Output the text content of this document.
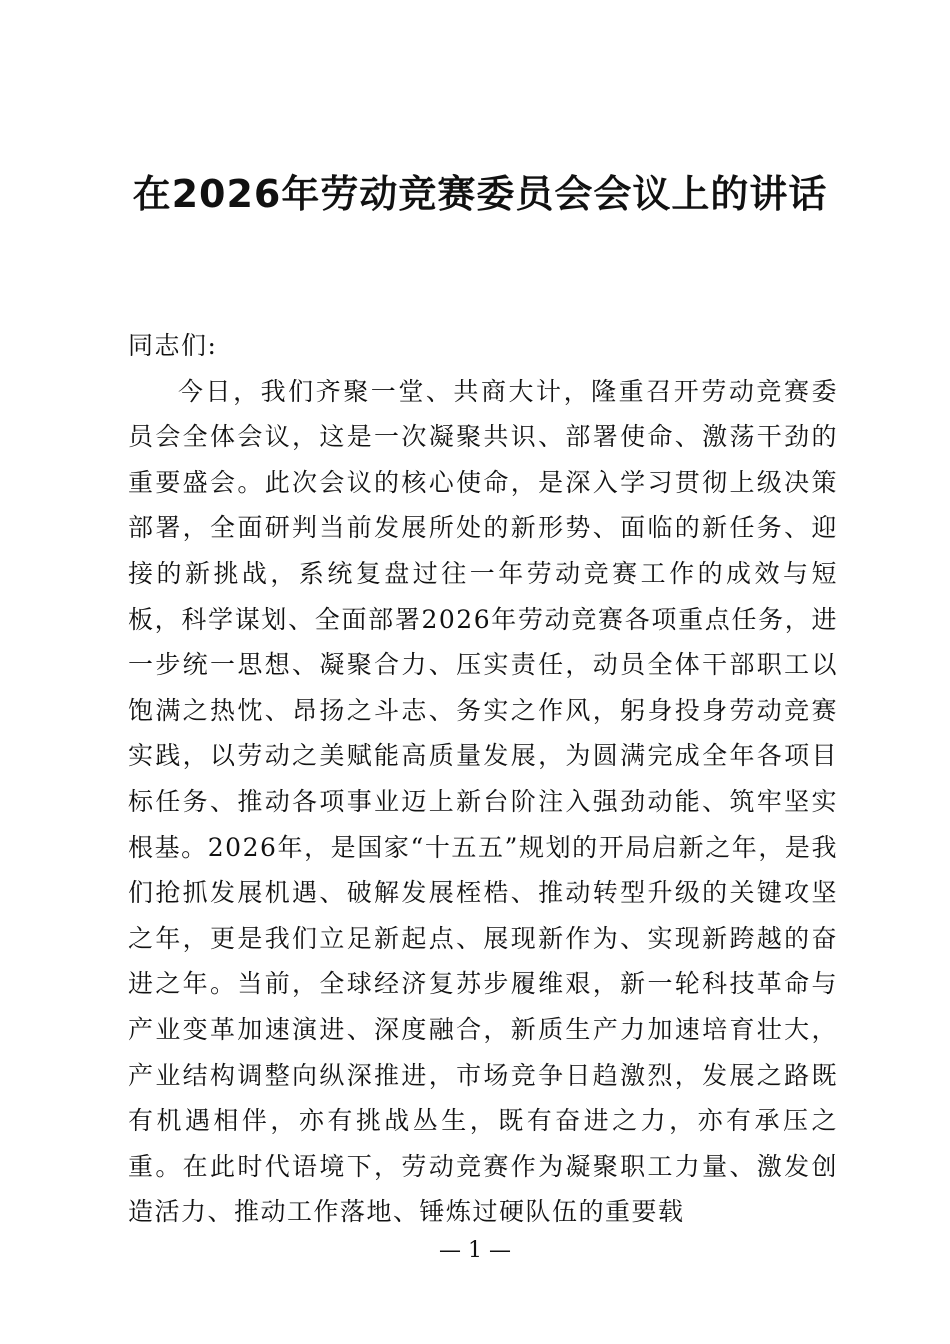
在2026年劳动竞赛委员会会议上的讲话

同志们:

今日，我们齐聚一堂、共商大计，隆重召开劳动竞赛委员会全体会议，这是一次凝聚共识、部署使命、激荡干劲的重要盛会。此次会议的核心使命，是深入学习贯彻上级决策部署，全面研判当前发展所处的新形势、面临的新任务、迎接的新挑战，系统复盘过往一年劳动竞赛工作的成效与短板，科学谋划、全面部署2026年劳动竞赛各项重点任务，进一步统一思想、凝聚合力、压实责任，动员全体干部职工以饱满之热忱、昂扬之斗志、务实之作风，躬身投身劳动竞赛实践，以劳动之美赋能高质量发展，为圆满完成全年各项目标任务、推动各项事业迈上新台阶注入强劲动能、筑牢坚实根基。2026年，是国家“十五五”规划的开局启新之年，是我们抢抓发展机遇、破解发展桎梏、推动转型升级的关键攻坚之年，更是我们立足新起点、展现新作为、实现新跨越的奋进之年。当前，全球经济复苏步履维艰，新一轮科技革命与产业变革加速演进、深度融合，新质生产力加速培育壮大，产业结构调整向纵深推进，市场竞争日趋激烈，发展之路既有机遇相伴，亦有挑战丛生，既有奋进之力，亦有承压之重。在此时代语境下，劳动竞赛作为凝聚职工力量、激发创造活力、推动工作落地、锤炼过硬队伍的重要载

— 1 —
